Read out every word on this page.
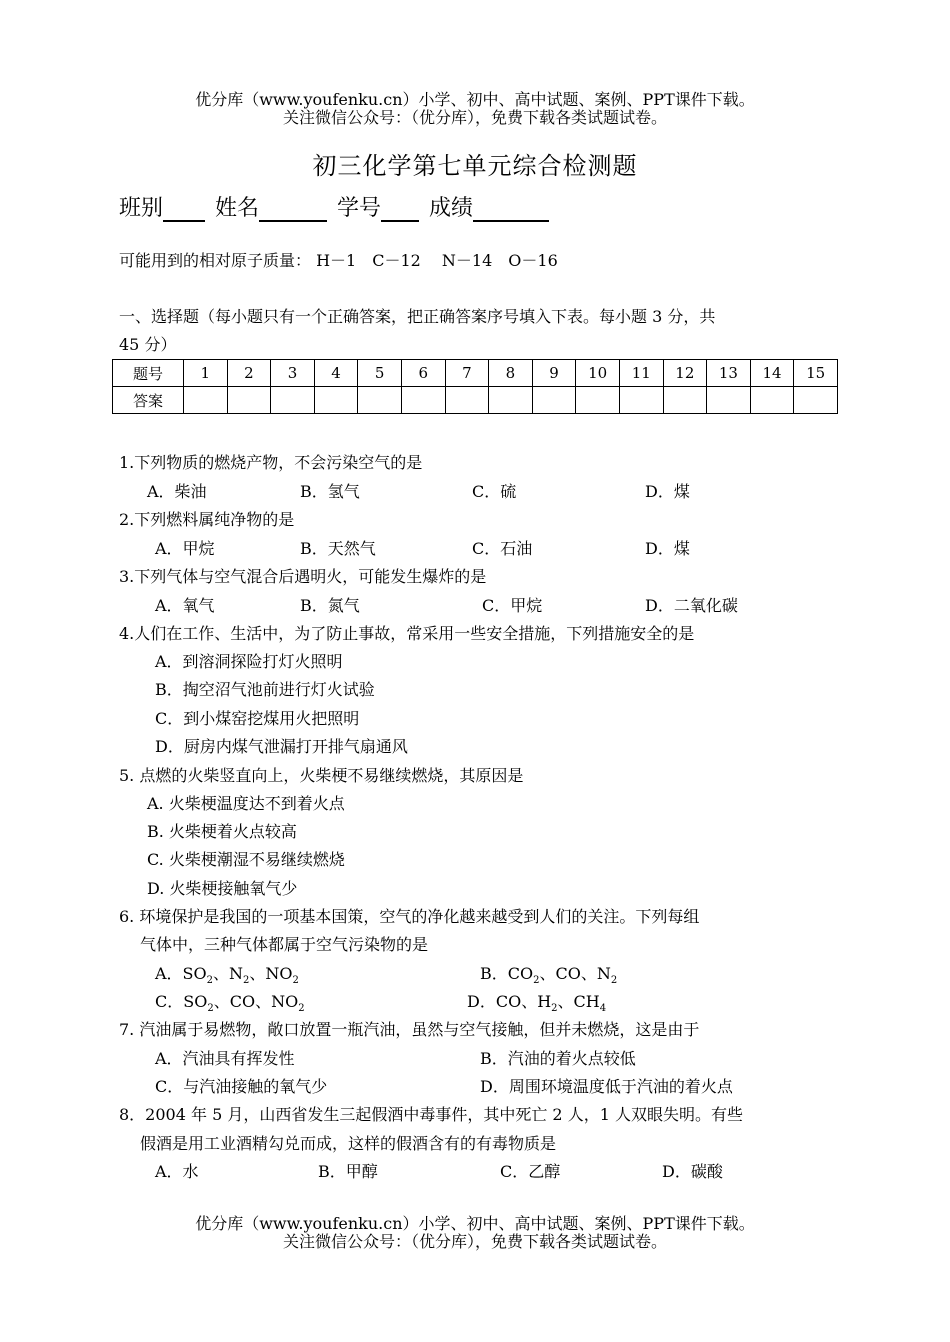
优分库（www.youfenku.cn）小学、初中、高中试题、案例、PPT课件下载。
关注微信公众号：（优分库），免费下载各类试题试卷。
初三化学第七单元综合检测题
班别 姓名	学号 成绩
可能用到的相对原子质量： H－1　C－12　 N－14　O－16
一、选择题（每小题只有一个正确答案，把正确答案序号填入下表。每小题 3 分，共
45 分）
题号	1	2	3	4	5	6	7	8	9	10	11	12	13	14	15
答案															
1.下列物质的燃烧产物，不会污染空气的是
A．柴油	B．氢气	C．硫	D．煤
2.下列燃料属纯净物的是
A．甲烷	B．天然气	C．石油	D．煤
3.下列气体与空气混合后遇明火，可能发生爆炸的是
A．氧气	B．氮气	C．甲烷	D．二氧化碳
4.人们在工作、生活中，为了防止事故，常采用一些安全措施，下列措施安全的是
A．到溶洞探险打灯火照明
B．掏空沼气池前进行灯火试验
C．到小煤窑挖煤用火把照明
D．厨房内煤气泄漏打开排气扇通风
5. 点燃的火柴竖直向上，火柴梗不易继续燃烧，其原因是
A. 火柴梗温度达不到着火点
B. 火柴梗着火点较高
C. 火柴梗潮湿不易继续燃烧
D. 火柴梗接触氧气少
6. 环境保护是我国的一项基本国策，空气的净化越来越受到人们的关注。下列每组
气体中，三种气体都属于空气污染物的是
A．$SO_2$、$N_2$、$NO_2$	B．$CO_2$、CO、$N_2$
C．$SO_2$、CO、$NO_2$	D．CO、$H_2$、$CH_4$
7. 汽油属于易燃物，敞口放置一瓶汽油，虽然与空气接触，但并未燃烧，这是由于
A．汽油具有挥发性	B．汽油的着火点较低
C．与汽油接触的氧气少	D．周围环境温度低于汽油的着火点
8．2004 年 5 月，山西省发生三起假酒中毒事件，其中死亡 2 人，1 人双眼失明。有些
假酒是用工业酒精勾兑而成，这样的假酒含有的有毒物质是
A．水	B．甲醇	C．乙醇	D．碳酸
优分库（www.youfenku.cn）小学、初中、高中试题、案例、PPT课件下载。
关注微信公众号：（优分库），免费下载各类试题试卷。
